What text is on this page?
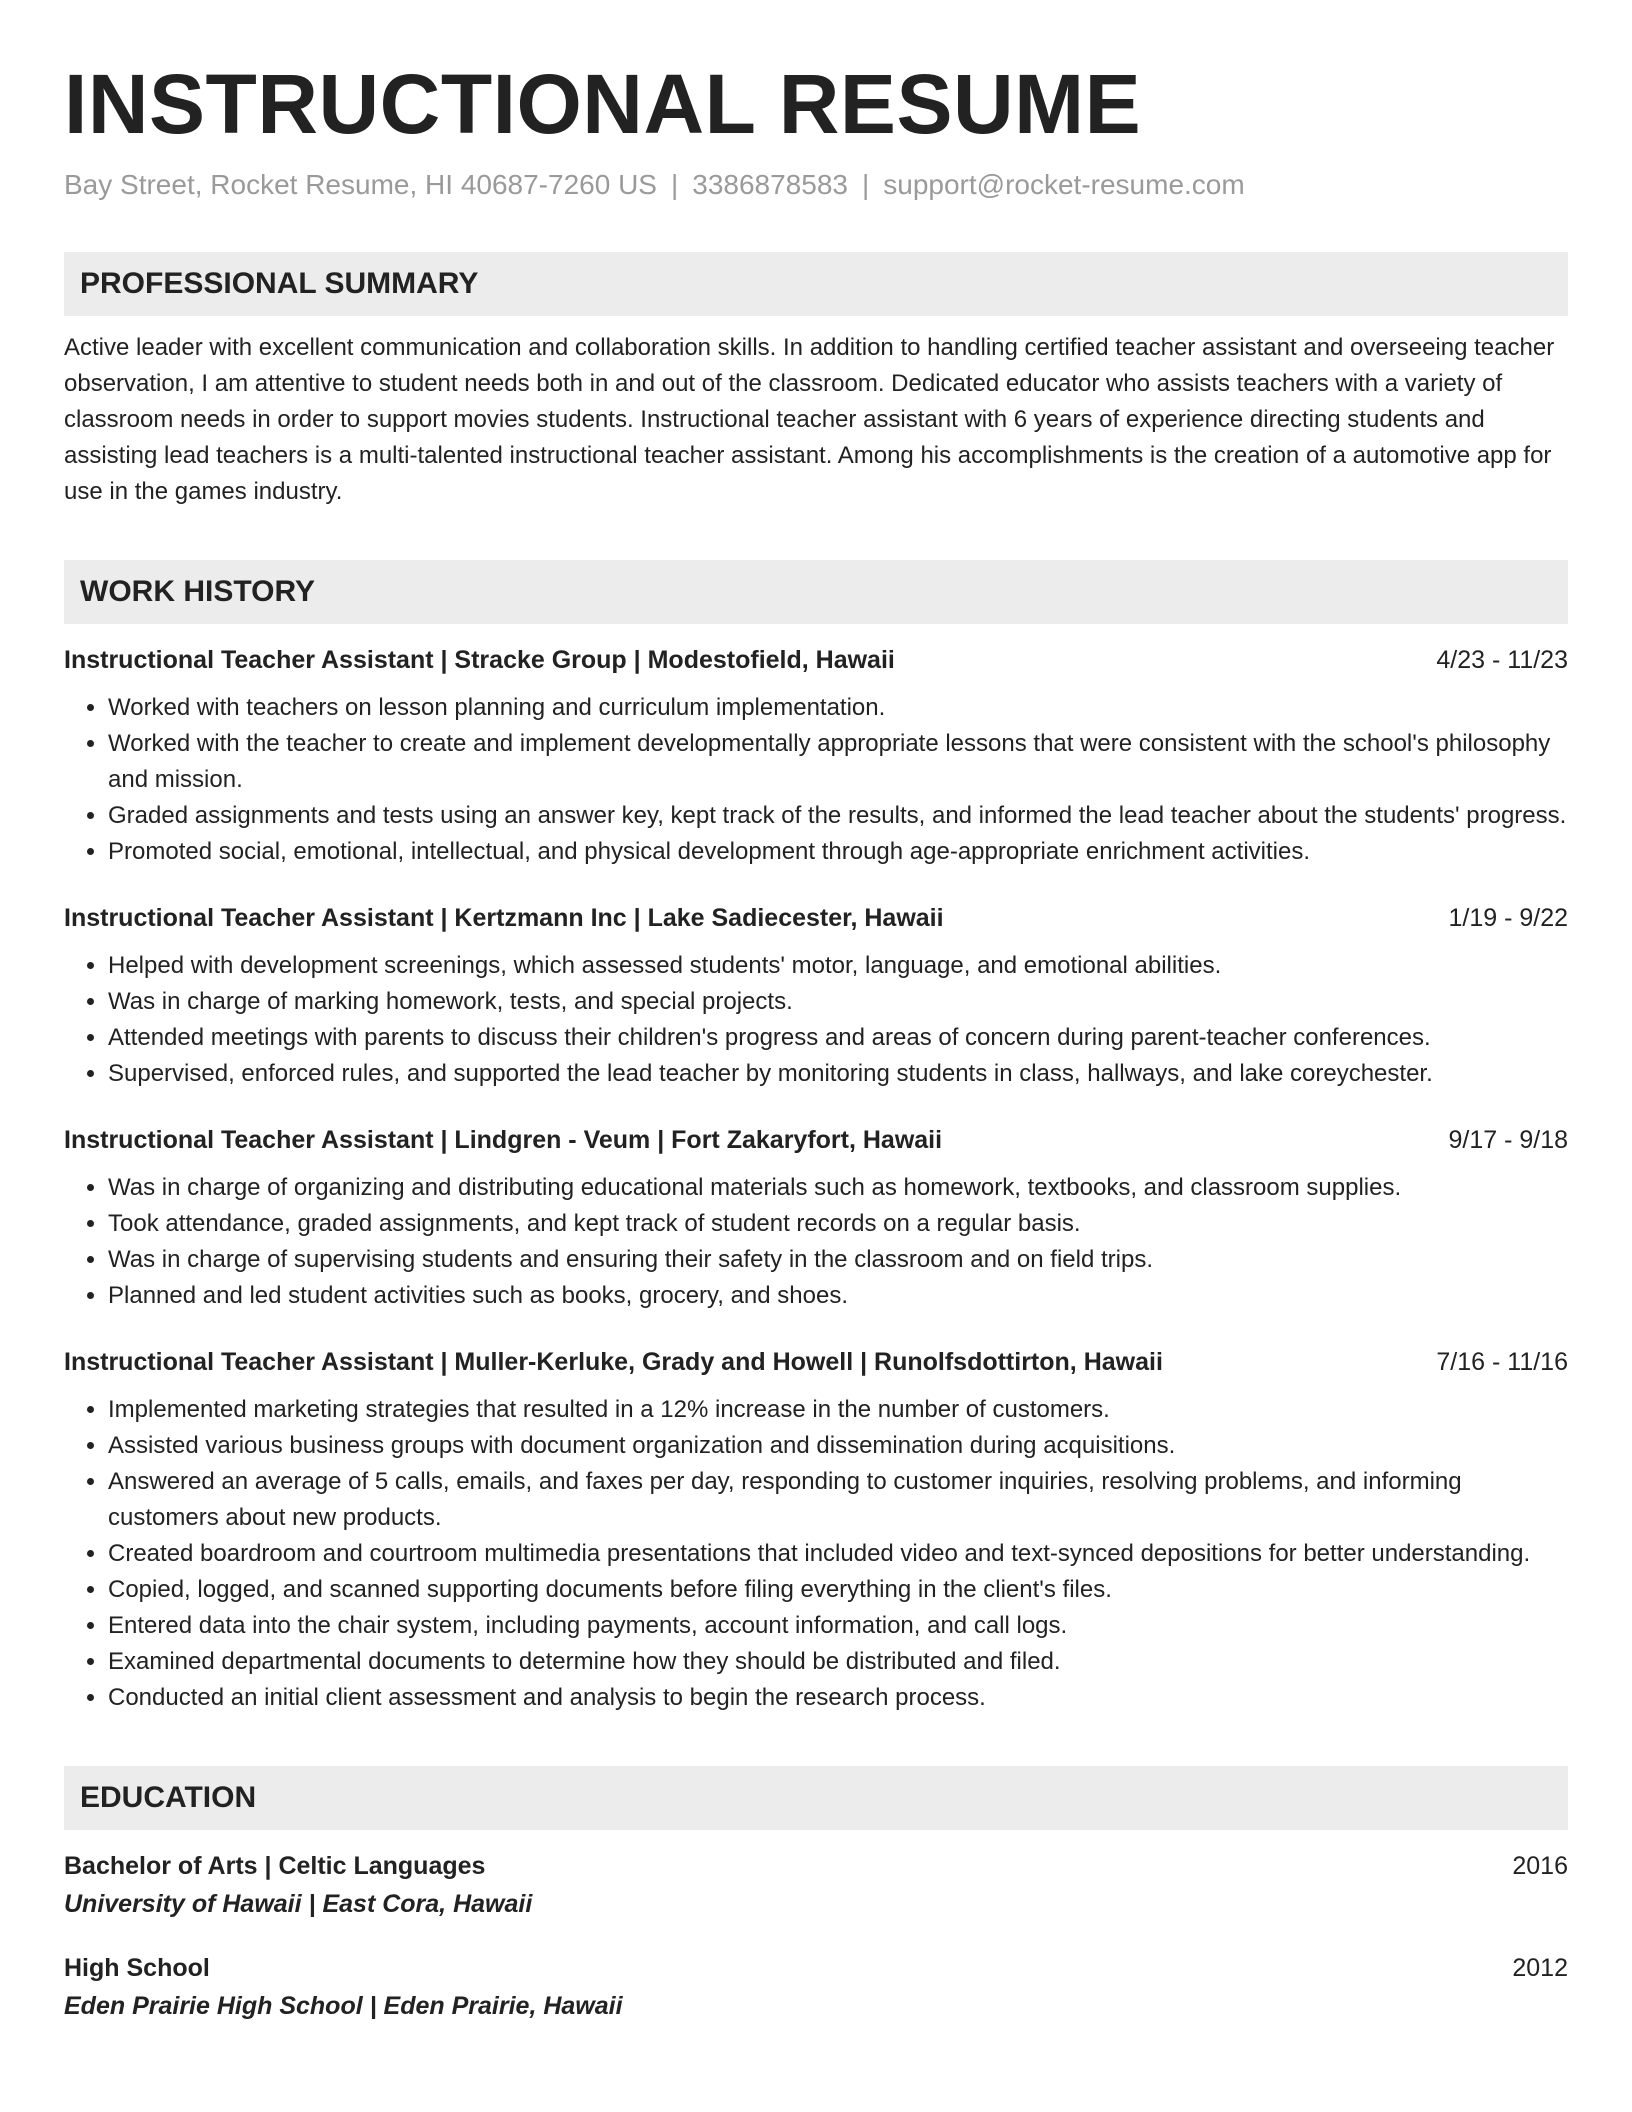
INSTRUCTIONAL RESUME
Bay Street, Rocket Resume, HI 40687-7260 US | 3386878583 | support@rocket-resume.com
PROFESSIONAL SUMMARY
Active leader with excellent communication and collaboration skills. In addition to handling certified teacher assistant and overseeing teacher observation, I am attentive to student needs both in and out of the classroom. Dedicated educator who assists teachers with a variety of classroom needs in order to support movies students. Instructional teacher assistant with 6 years of experience directing students and assisting lead teachers is a multi-talented instructional teacher assistant. Among his accomplishments is the creation of a automotive app for use in the games industry.
WORK HISTORY
Instructional Teacher Assistant | Stracke Group | Modestofield, Hawaii	4/23 - 11/23
• Worked with teachers on lesson planning and curriculum implementation.
• Worked with the teacher to create and implement developmentally appropriate lessons that were consistent with the school's philosophy and mission.
• Graded assignments and tests using an answer key, kept track of the results, and informed the lead teacher about the students' progress.
• Promoted social, emotional, intellectual, and physical development through age-appropriate enrichment activities.
Instructional Teacher Assistant | Kertzmann Inc | Lake Sadiecester, Hawaii	1/19 - 9/22
• Helped with development screenings, which assessed students' motor, language, and emotional abilities.
• Was in charge of marking homework, tests, and special projects.
• Attended meetings with parents to discuss their children's progress and areas of concern during parent-teacher conferences.
• Supervised, enforced rules, and supported the lead teacher by monitoring students in class, hallways, and lake coreychester.
Instructional Teacher Assistant | Lindgren - Veum | Fort Zakaryfort, Hawaii	9/17 - 9/18
• Was in charge of organizing and distributing educational materials such as homework, textbooks, and classroom supplies.
• Took attendance, graded assignments, and kept track of student records on a regular basis.
• Was in charge of supervising students and ensuring their safety in the classroom and on field trips.
• Planned and led student activities such as books, grocery, and shoes.
Instructional Teacher Assistant | Muller-Kerluke, Grady and Howell | Runolfsdottirton, Hawaii	7/16 - 11/16
• Implemented marketing strategies that resulted in a 12% increase in the number of customers.
• Assisted various business groups with document organization and dissemination during acquisitions.
• Answered an average of 5 calls, emails, and faxes per day, responding to customer inquiries, resolving problems, and informing customers about new products.
• Created boardroom and courtroom multimedia presentations that included video and text-synced depositions for better understanding.
• Copied, logged, and scanned supporting documents before filing everything in the client's files.
• Entered data into the chair system, including payments, account information, and call logs.
• Examined departmental documents to determine how they should be distributed and filed.
• Conducted an initial client assessment and analysis to begin the research process.
EDUCATION
Bachelor of Arts | Celtic Languages	2016
University of Hawaii | East Cora, Hawaii
High School	2012
Eden Prairie High School | Eden Prairie, Hawaii
